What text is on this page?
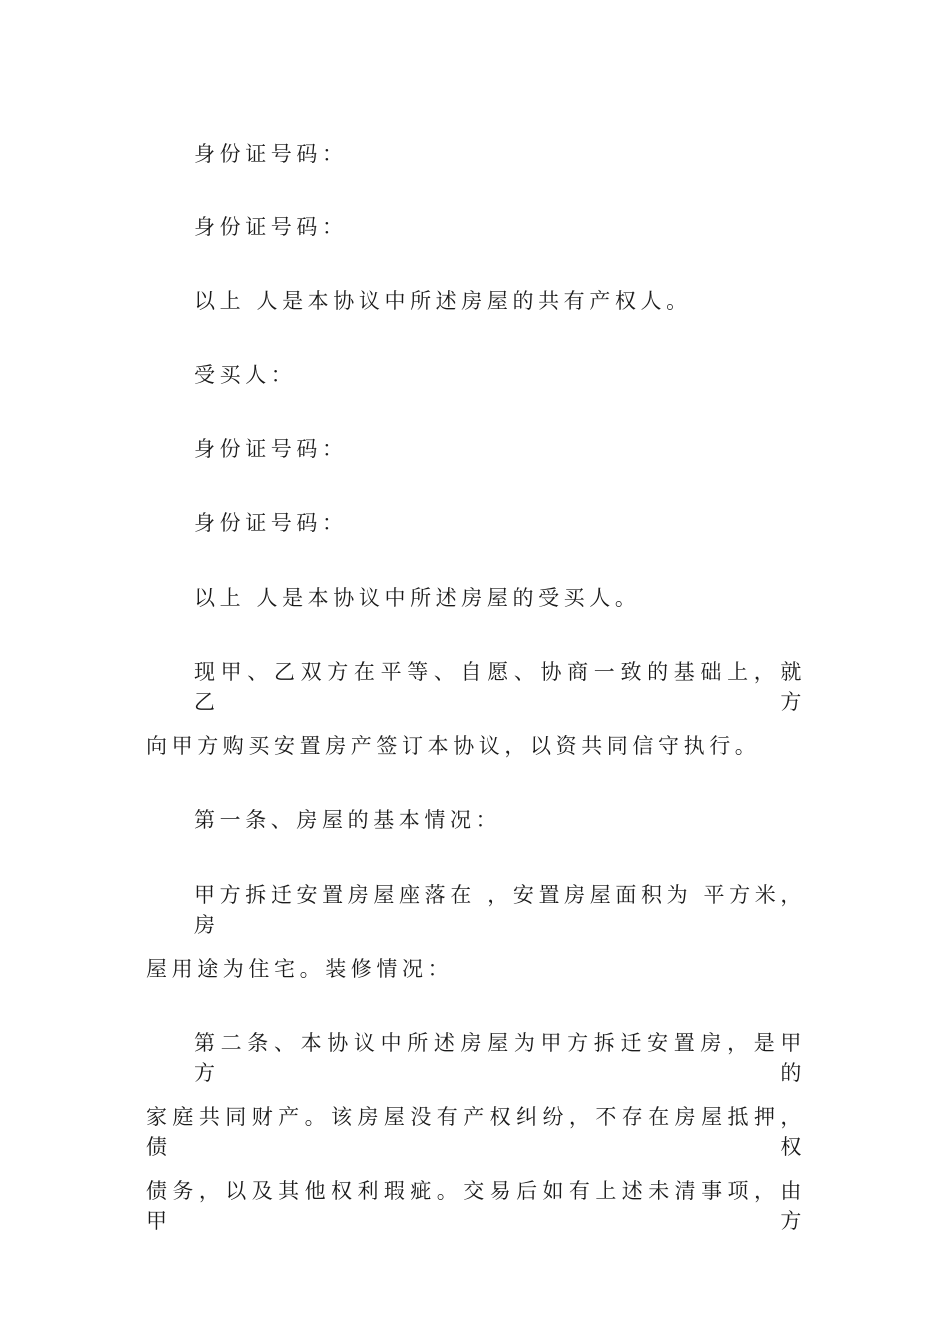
身份证号码：
身份证号码：
以上 人是本协议中所述房屋的共有产权人。
受买人：
身份证号码：
身份证号码：
以上 人是本协议中所述房屋的受买人。
现甲、乙双方在平等、自愿、协商一致的基础上，就乙方
向甲方购买安置房产签订本协议，以资共同信守执行。
第一条、房屋的基本情况：
甲方拆迁安置房屋座落在 ，安置房屋面积为 平方米，房
屋用途为住宅。装修情况：
第二条、本协议中所述房屋为甲方拆迁安置房，是甲方的
家庭共同财产。该房屋没有产权纠纷，不存在房屋抵押，债权
债务，以及其他权利瑕疵。交易后如有上述未清事项，由甲方
